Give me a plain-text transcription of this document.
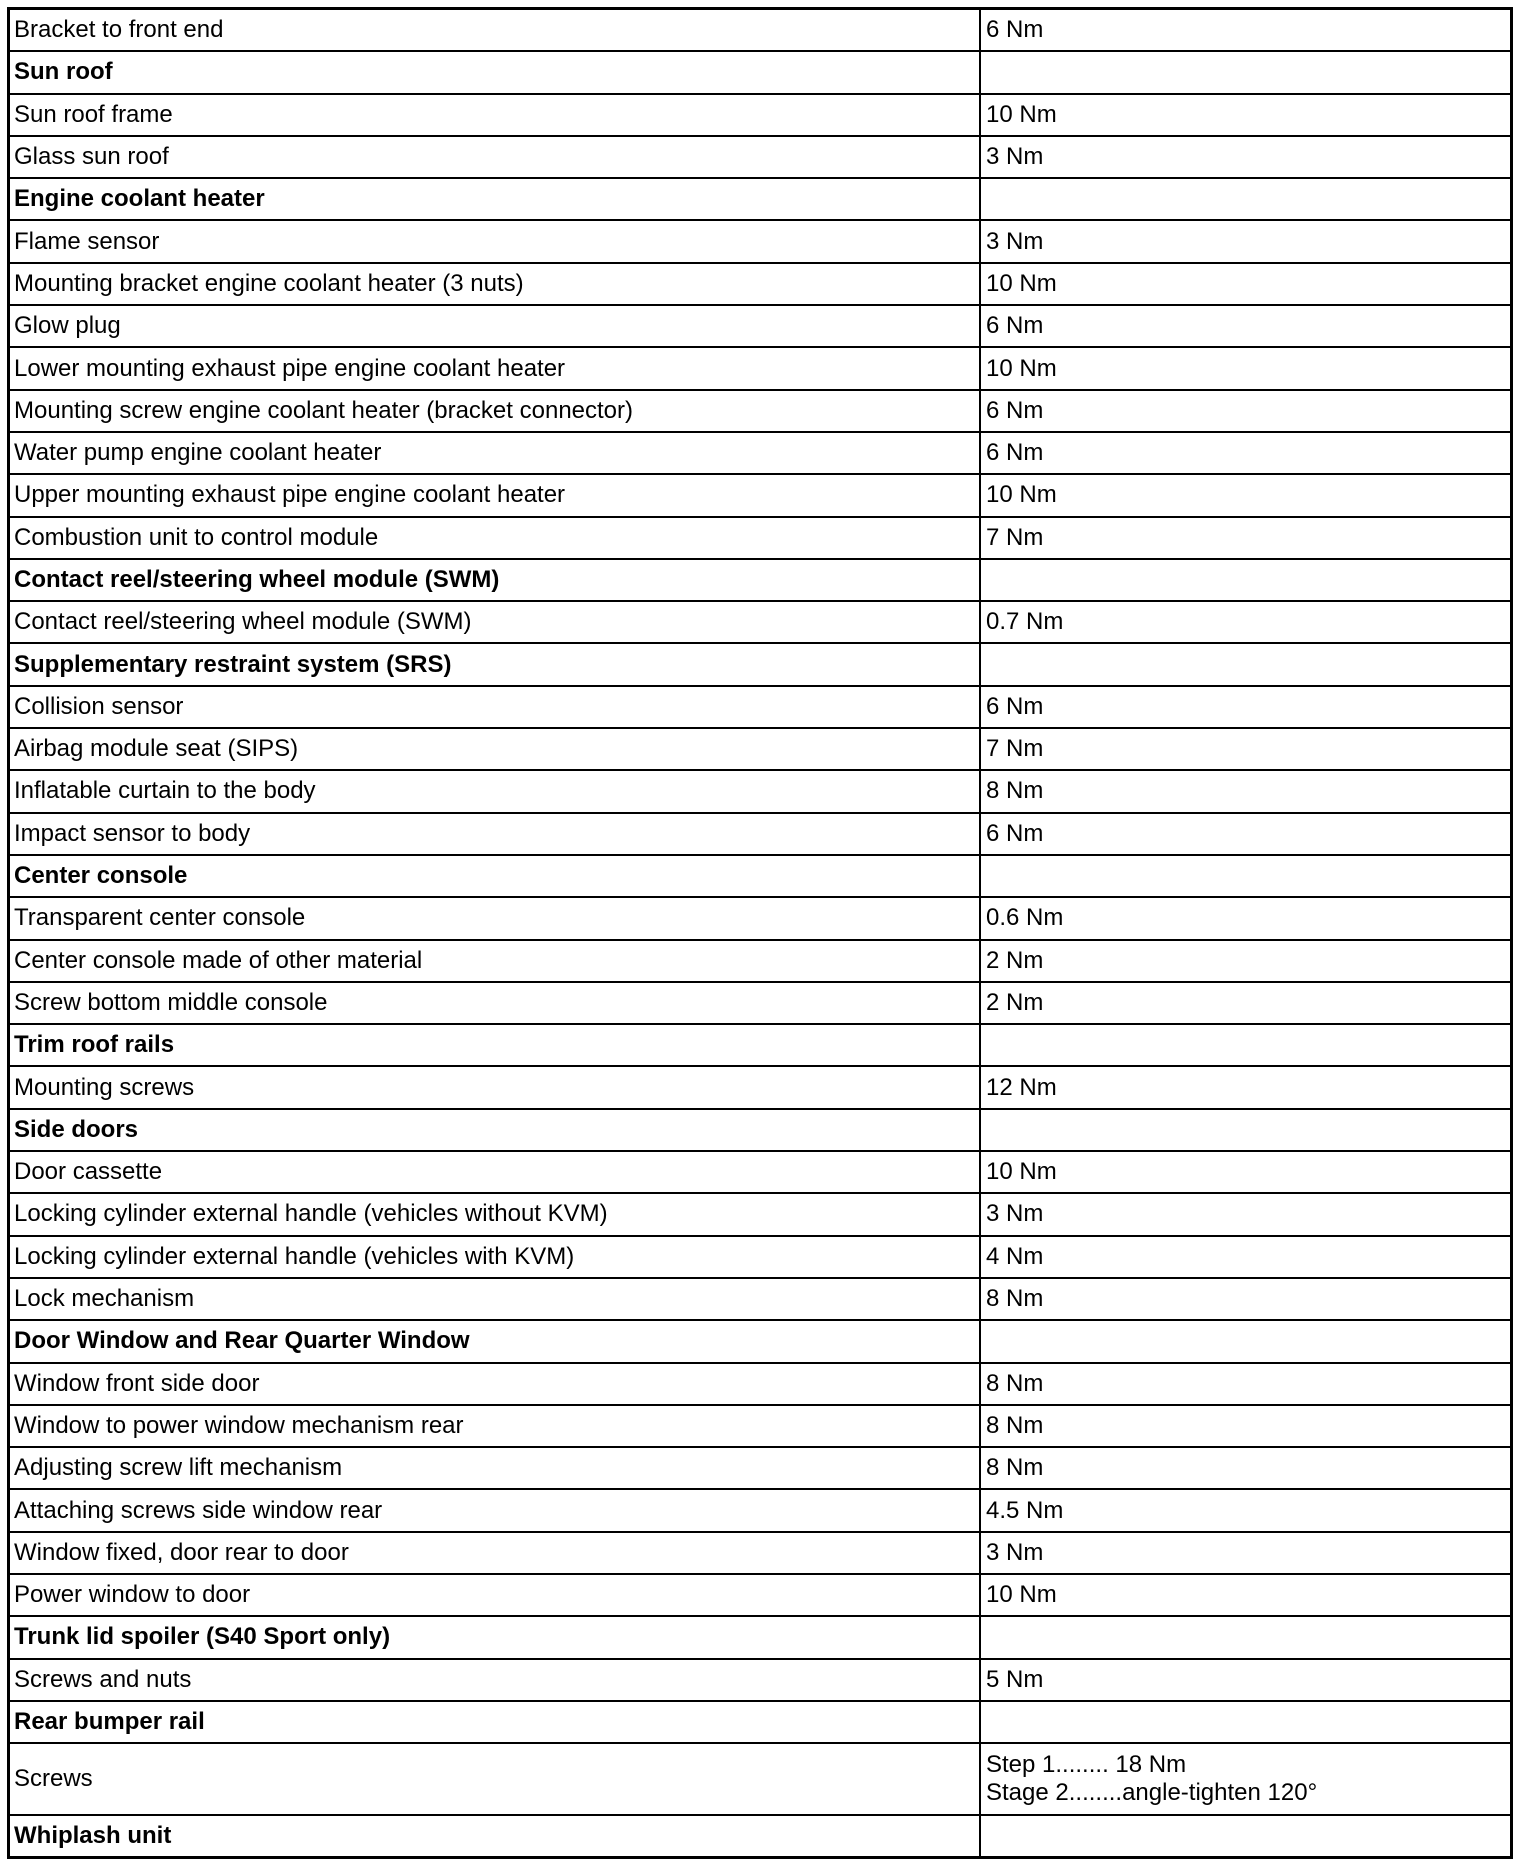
Bracket to front end	6 Nm
Sun roof	
Sun roof frame	10 Nm
Glass sun roof	3 Nm
Engine coolant heater	
Flame sensor	3 Nm
Mounting bracket engine coolant heater (3 nuts)	10 Nm
Glow plug	6 Nm
Lower mounting exhaust pipe engine coolant heater	10 Nm
Mounting screw engine coolant heater (bracket connector)	6 Nm
Water pump engine coolant heater	6 Nm
Upper mounting exhaust pipe engine coolant heater	10 Nm
Combustion unit to control module	7 Nm
Contact reel/steering wheel module (SWM)	
Contact reel/steering wheel module (SWM)	0.7 Nm
Supplementary restraint system (SRS)	
Collision sensor	6 Nm
Airbag module seat (SIPS)	7 Nm
Inflatable curtain to the body	8 Nm
Impact sensor to body	6 Nm
Center console	
Transparent center console	0.6 Nm
Center console made of other material	2 Nm
Screw bottom middle console	2 Nm
Trim roof rails	
Mounting screws	12 Nm
Side doors	
Door cassette	10 Nm
Locking cylinder external handle (vehicles without KVM)	3 Nm
Locking cylinder external handle (vehicles with KVM)	4 Nm
Lock mechanism	8 Nm
Door Window and Rear Quarter Window	
Window front side door	8 Nm
Window to power window mechanism rear	8 Nm
Adjusting screw lift mechanism	8 Nm
Attaching screws side window rear	4.5 Nm
Window fixed, door rear to door	3 Nm
Power window to door	10 Nm
Trunk lid spoiler (S40 Sport only)	
Screws and nuts	5 Nm
Rear bumper rail	
Screws	Step 1........ 18 Nm
Stage 2........angle-tighten 120°

Whiplash unit	
